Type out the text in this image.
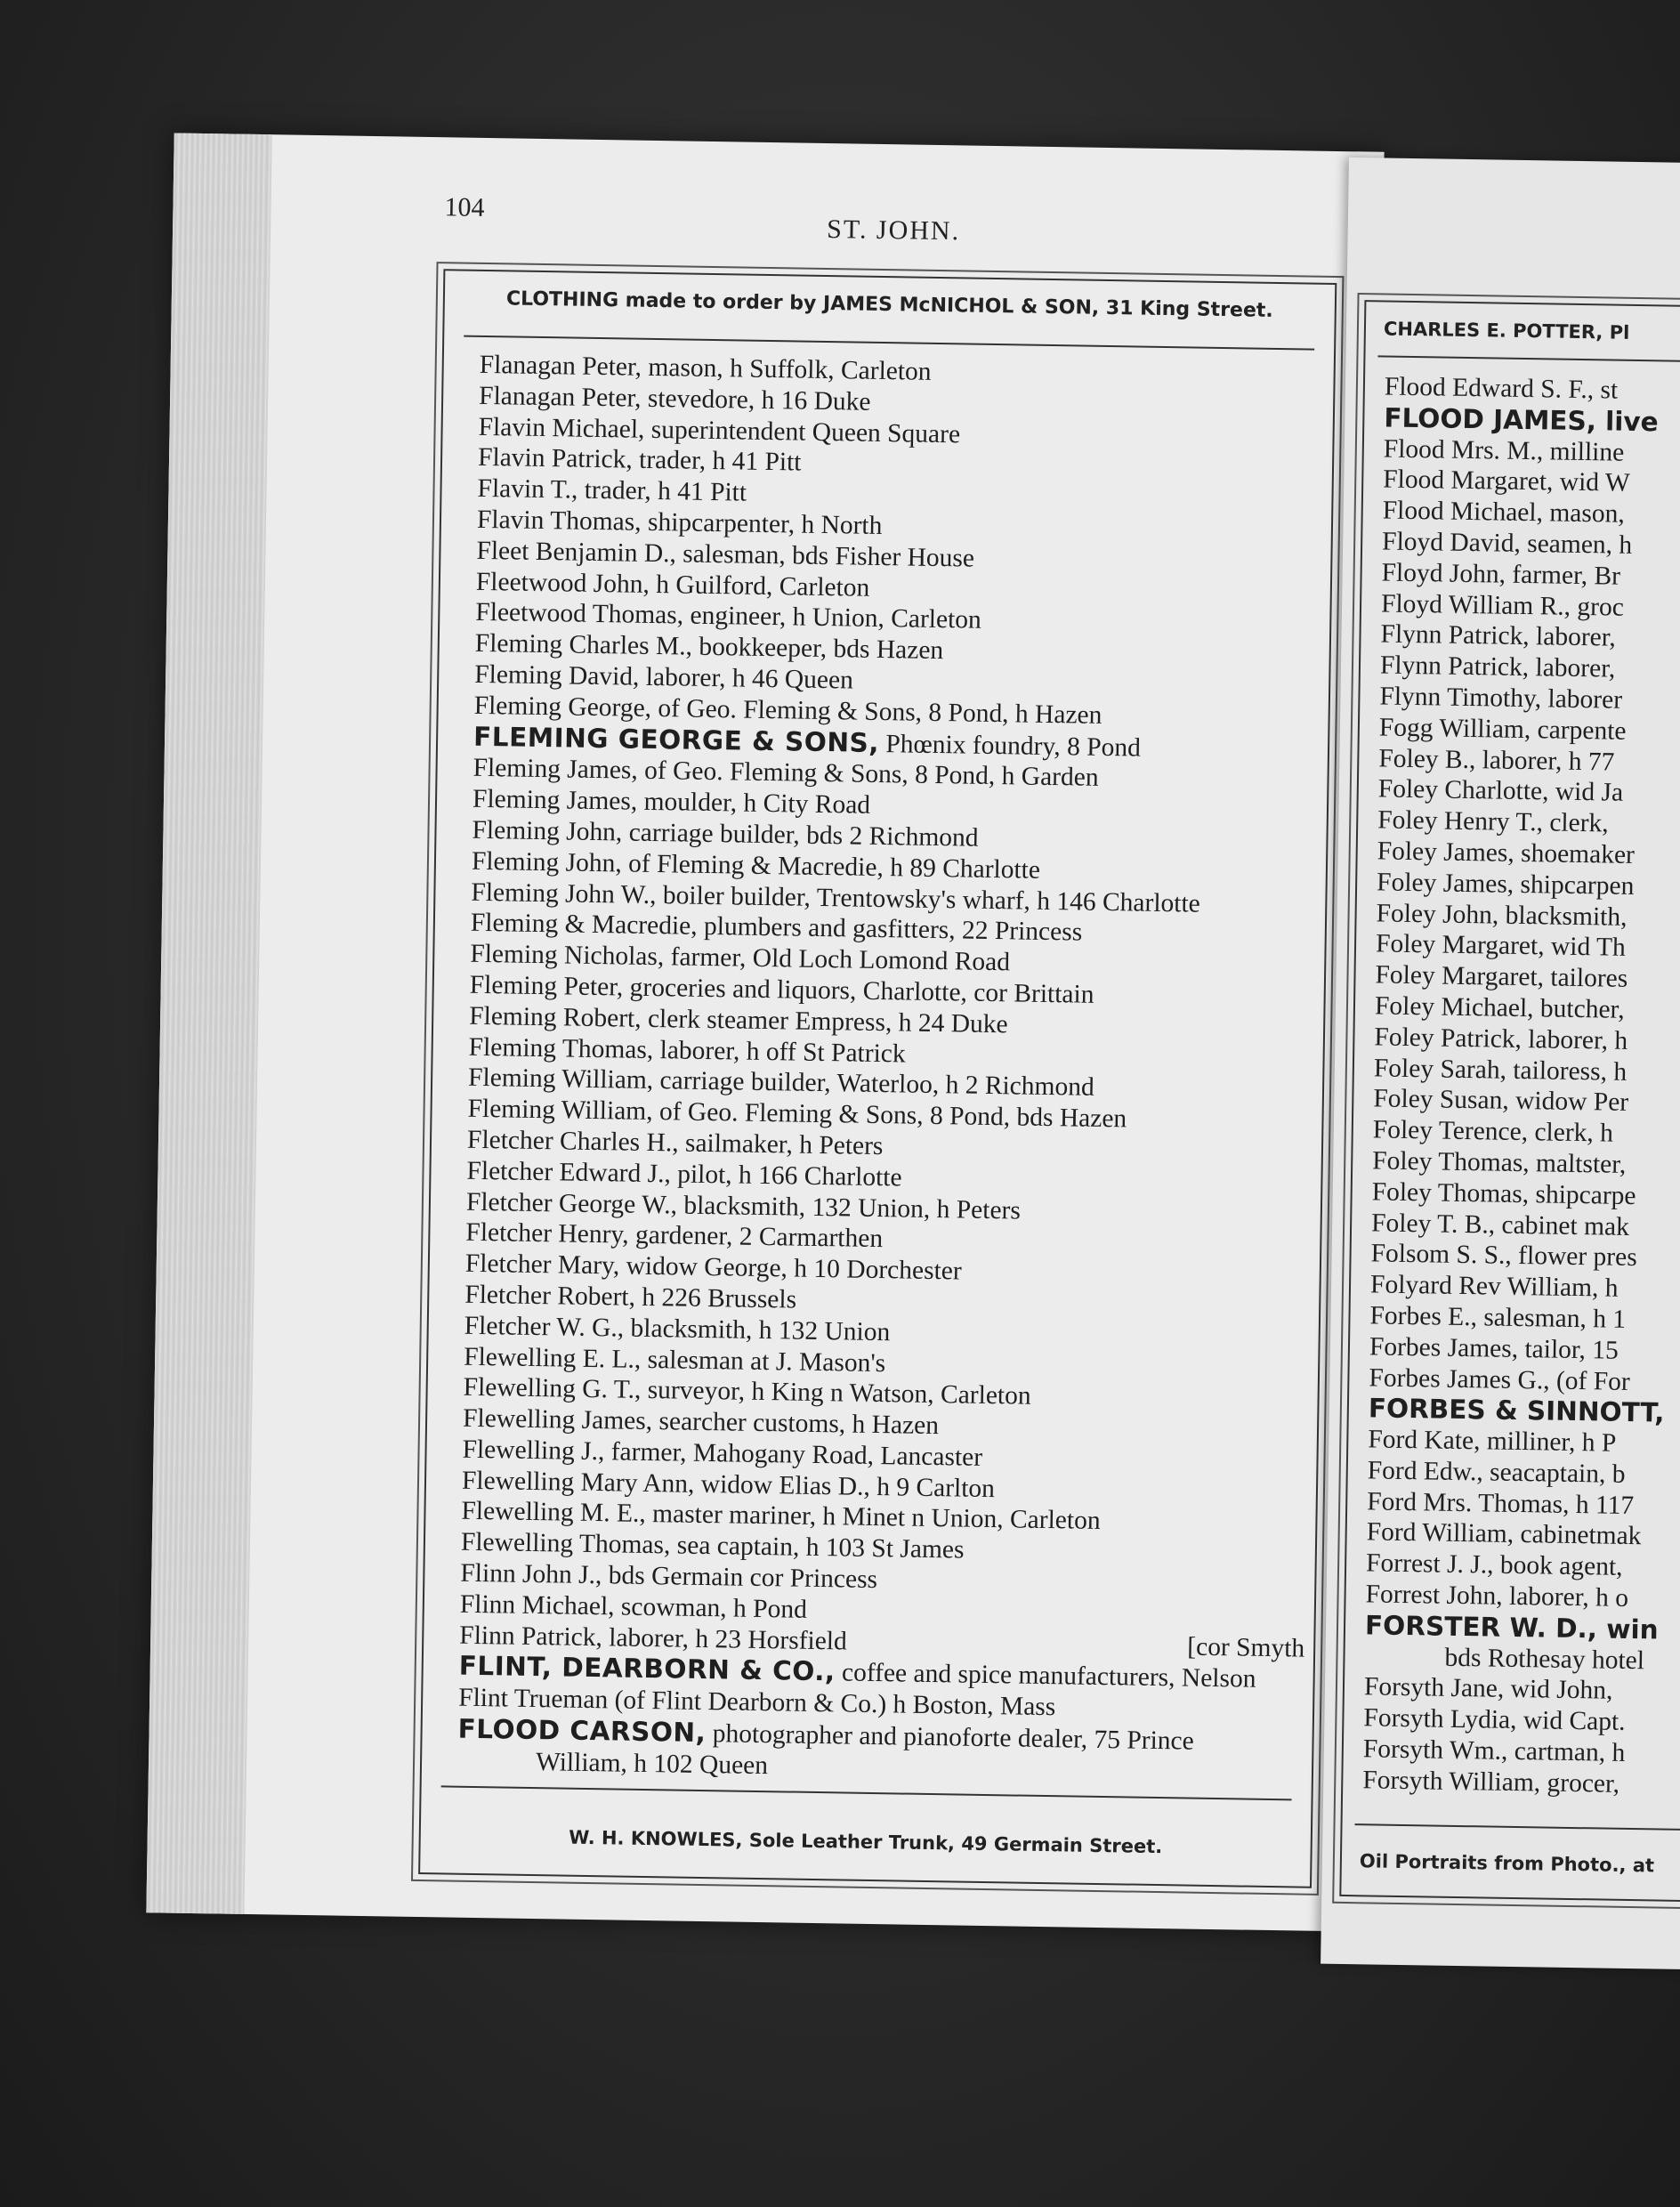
104
ST. JOHN.
CLOTHING made to order by JAMES McNICHOL & SON, 31 King Street.
Flanagan Peter, mason, h Suffolk, Carleton
Flanagan Peter, stevedore, h 16 Duke
Flavin Michael, superintendent Queen Square
Flavin Patrick, trader, h 41 Pitt
Flavin T., trader, h 41 Pitt
Flavin Thomas, shipcarpenter, h North
Fleet Benjamin D., salesman, bds Fisher House
Fleetwood John, h Guilford, Carleton
Fleetwood Thomas, engineer, h Union, Carleton
Fleming Charles M., bookkeeper, bds Hazen
Fleming David, laborer, h 46 Queen
Fleming George, of Geo. Fleming & Sons, 8 Pond, h Hazen
FLEMING GEORGE & SONS, Phœnix foundry, 8 Pond
Fleming James, of Geo. Fleming & Sons, 8 Pond, h Garden
Fleming James, moulder, h City Road
Fleming John, carriage builder, bds 2 Richmond
Fleming John, of Fleming & Macredie, h 89 Charlotte
Fleming John W., boiler builder, Trentowsky's wharf, h 146 Charlotte
Fleming & Macredie, plumbers and gasfitters, 22 Princess
Fleming Nicholas, farmer, Old Loch Lomond Road
Fleming Peter, groceries and liquors, Charlotte, cor Brittain
Fleming Robert, clerk steamer Empress, h 24 Duke
Fleming Thomas, laborer, h off St Patrick
Fleming William, carriage builder, Waterloo, h 2 Richmond
Fleming William, of Geo. Fleming & Sons, 8 Pond, bds Hazen
Fletcher Charles H., sailmaker, h Peters
Fletcher Edward J., pilot, h 166 Charlotte
Fletcher George W., blacksmith, 132 Union, h Peters
Fletcher Henry, gardener, 2 Carmarthen
Fletcher Mary, widow George, h 10 Dorchester
Fletcher Robert, h 226 Brussels
Fletcher W. G., blacksmith, h 132 Union
Flewelling E. L., salesman at J. Mason's
Flewelling G. T., surveyor, h King n Watson, Carleton
Flewelling James, searcher customs, h Hazen
Flewelling J., farmer, Mahogany Road, Lancaster
Flewelling Mary Ann, widow Elias D., h 9 Carlton
Flewelling M. E., master mariner, h Minet n Union, Carleton
Flewelling Thomas, sea captain, h 103 St James
Flinn John J., bds Germain cor Princess
Flinn Michael, scowman, h Pond
[cor Smyth
Flinn Patrick, laborer, h 23 Horsfield
FLINT, DEARBORN & CO., coffee and spice manufacturers, Nelson
Flint Trueman (of Flint Dearborn & Co.) h Boston, Mass
FLOOD CARSON, photographer and pianoforte dealer, 75 Prince
William, h 102 Queen
W. H. KNOWLES, Sole Leather Trunk, 49 Germain Street.
CHARLES E. POTTER, Pl
Flood Edward S. F., st
FLOOD JAMES, live
Flood Mrs. M., milline
Flood Margaret, wid W
Flood Michael, mason,
Floyd David, seamen, h
Floyd John, farmer, Br
Floyd William R., groc
Flynn Patrick, laborer,
Flynn Patrick, laborer,
Flynn Timothy, laborer
Fogg William, carpente
Foley B., laborer, h 77
Foley Charlotte, wid Ja
Foley Henry T., clerk,
Foley James, shoemaker
Foley James, shipcarpen
Foley John, blacksmith,
Foley Margaret, wid Th
Foley Margaret, tailores
Foley Michael, butcher,
Foley Patrick, laborer, h
Foley Sarah, tailoress, h
Foley Susan, widow Per
Foley Terence, clerk, h
Foley Thomas, maltster,
Foley Thomas, shipcarpe
Foley T. B., cabinet mak
Folsom S. S., flower pres
Folyard Rev William, h
Forbes E., salesman, h 1
Forbes James, tailor, 15
Forbes James G., (of For
FORBES & SINNOTT,
Ford Kate, milliner, h P
Ford Edw., seacaptain, b
Ford Mrs. Thomas, h 117
Ford William, cabinetmak
Forrest J. J., book agent,
Forrest John, laborer, h o
FORSTER W. D., win
bds Rothesay hotel
Forsyth Jane, wid John,
Forsyth Lydia, wid Capt.
Forsyth Wm., cartman, h
Forsyth William, grocer,
Oil Portraits from Photo., at
